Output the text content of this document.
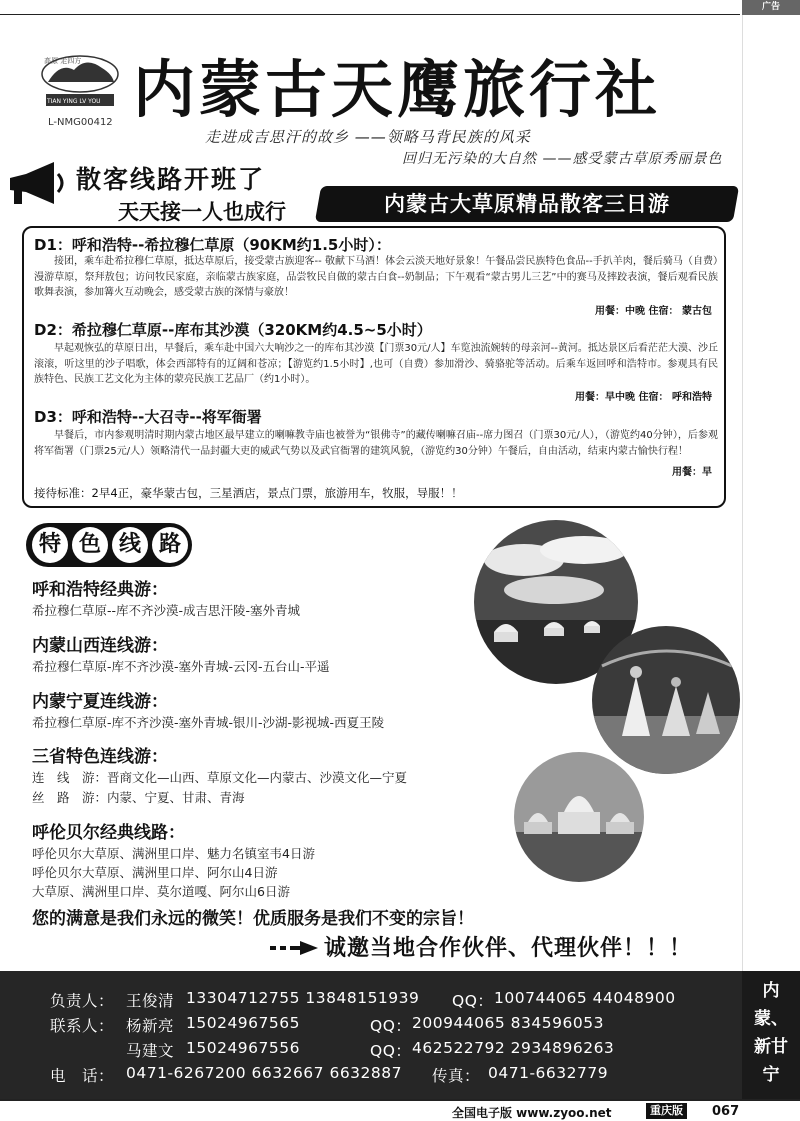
广告
高原 走四方
TIAN YING LV YOU
L-NMG00412 内蒙古天鹰旅行社
走进成吉思汗的故乡 ——领略马背民族的风采
回归无污染的大自然 ——感受蒙古草原秀丽景色
散客线路开班了
天天接一人也成行	内蒙古大草原精品散客三日游
D1：呼和浩特--希拉穆仁草原（90KM约1.5小时）：
接团，乘车赴希拉穆仁草原，抵达草原后，接受蒙古族迎客-- 敬献下马酒！体会云淡天地好景象！午餐品尝民族特色食品--手扒羊肉，餐后骑马（自费）漫游草原，祭拜敖包；访问牧民家庭，亲临蒙古族家庭，品尝牧民自做的蒙古白食--奶制品；下午观看“蒙古男儿三艺”中的赛马及摔跤表演，餐后观看民族歌舞表演，参加篝火互动晚会，感受蒙古族的深情与豪放！
用餐：中晚 住宿： 蒙古包
D2：希拉穆仁草原--库布其沙漠（320KM约4.5~5小时）
早起观恢弘的草原日出，早餐后，乘车赴中国六大响沙之一的库布其沙漠【门票30元/人】车览浊流婉转的母亲河--黄河。抵达景区后看茫茫大漠、沙丘滚滚，听这里的沙子唱歌，体会西部特有的辽阔和苍凉；【游览约1.5小时】,也可（自费）参加滑沙、骑骆驼等活动。后乘车返回呼和浩特市。参观具有民族特色、民族工艺文化为主体的蒙亮民族工艺品厂（约1小时）。
用餐：早中晚 住宿： 呼和浩特
D3：呼和浩特--大召寺--将军衙署
早餐后，市内参观明清时期内蒙古地区最早建立的喇嘛教寺庙也被誉为“银佛寺”的藏传喇嘛召庙--席力图召（门票30元/人），（游览约40分钟），后参观将军衙署（门票25元/人）领略清代一品封疆大吏的威武气势以及武官衙署的建筑风貌，（游览约30分钟）午餐后，自由活动，结束内蒙古愉快行程！
用餐：早
接待标准：2早4正，豪华蒙古包，三星酒店，景点门票，旅游用车，牧服，导服！！
特 色 线 路
呼和浩特经典游：
希拉穆仁草原--库不齐沙漠-成吉思汗陵-塞外青城
内蒙山西连线游：
希拉穆仁草原-库不齐沙漠-塞外青城-云冈-五台山-平遥
内蒙宁夏连线游：
希拉穆仁草原-库不齐沙漠-塞外青城-银川-沙湖-影视城-西夏王陵
三省特色连线游：
连　线　游：晋商文化—山西、草原文化—内蒙古、沙漠文化—宁夏
丝　路　游：内蒙、宁夏、甘肃、青海
呼伦贝尔经典线路：
呼伦贝尔大草原、满洲里口岸、魅力名镇室韦4日游
呼伦贝尔大草原、满洲里口岸、阿尔山4日游
大草原、满洲里口岸、莫尔道嘎、阿尔山6日游
您的满意是我们永远的微笑！优质服务是我们不变的宗旨！
诚邀当地合作伙伴、代理伙伴！！！
负责人： 王俊清 13304712755 13848151939 QQ： 100744065 44048900
联系人： 杨新亮 15024967565	QQ： 200944065 834596053
马建文 15024967556	QQ： 462522792 2934896263
电　话： 0471-6267200 6632667 6632887 传真： 0471-6632779
内
蒙、
新甘
宁
全国电子版 www.zyoo.net	重庆版	067
